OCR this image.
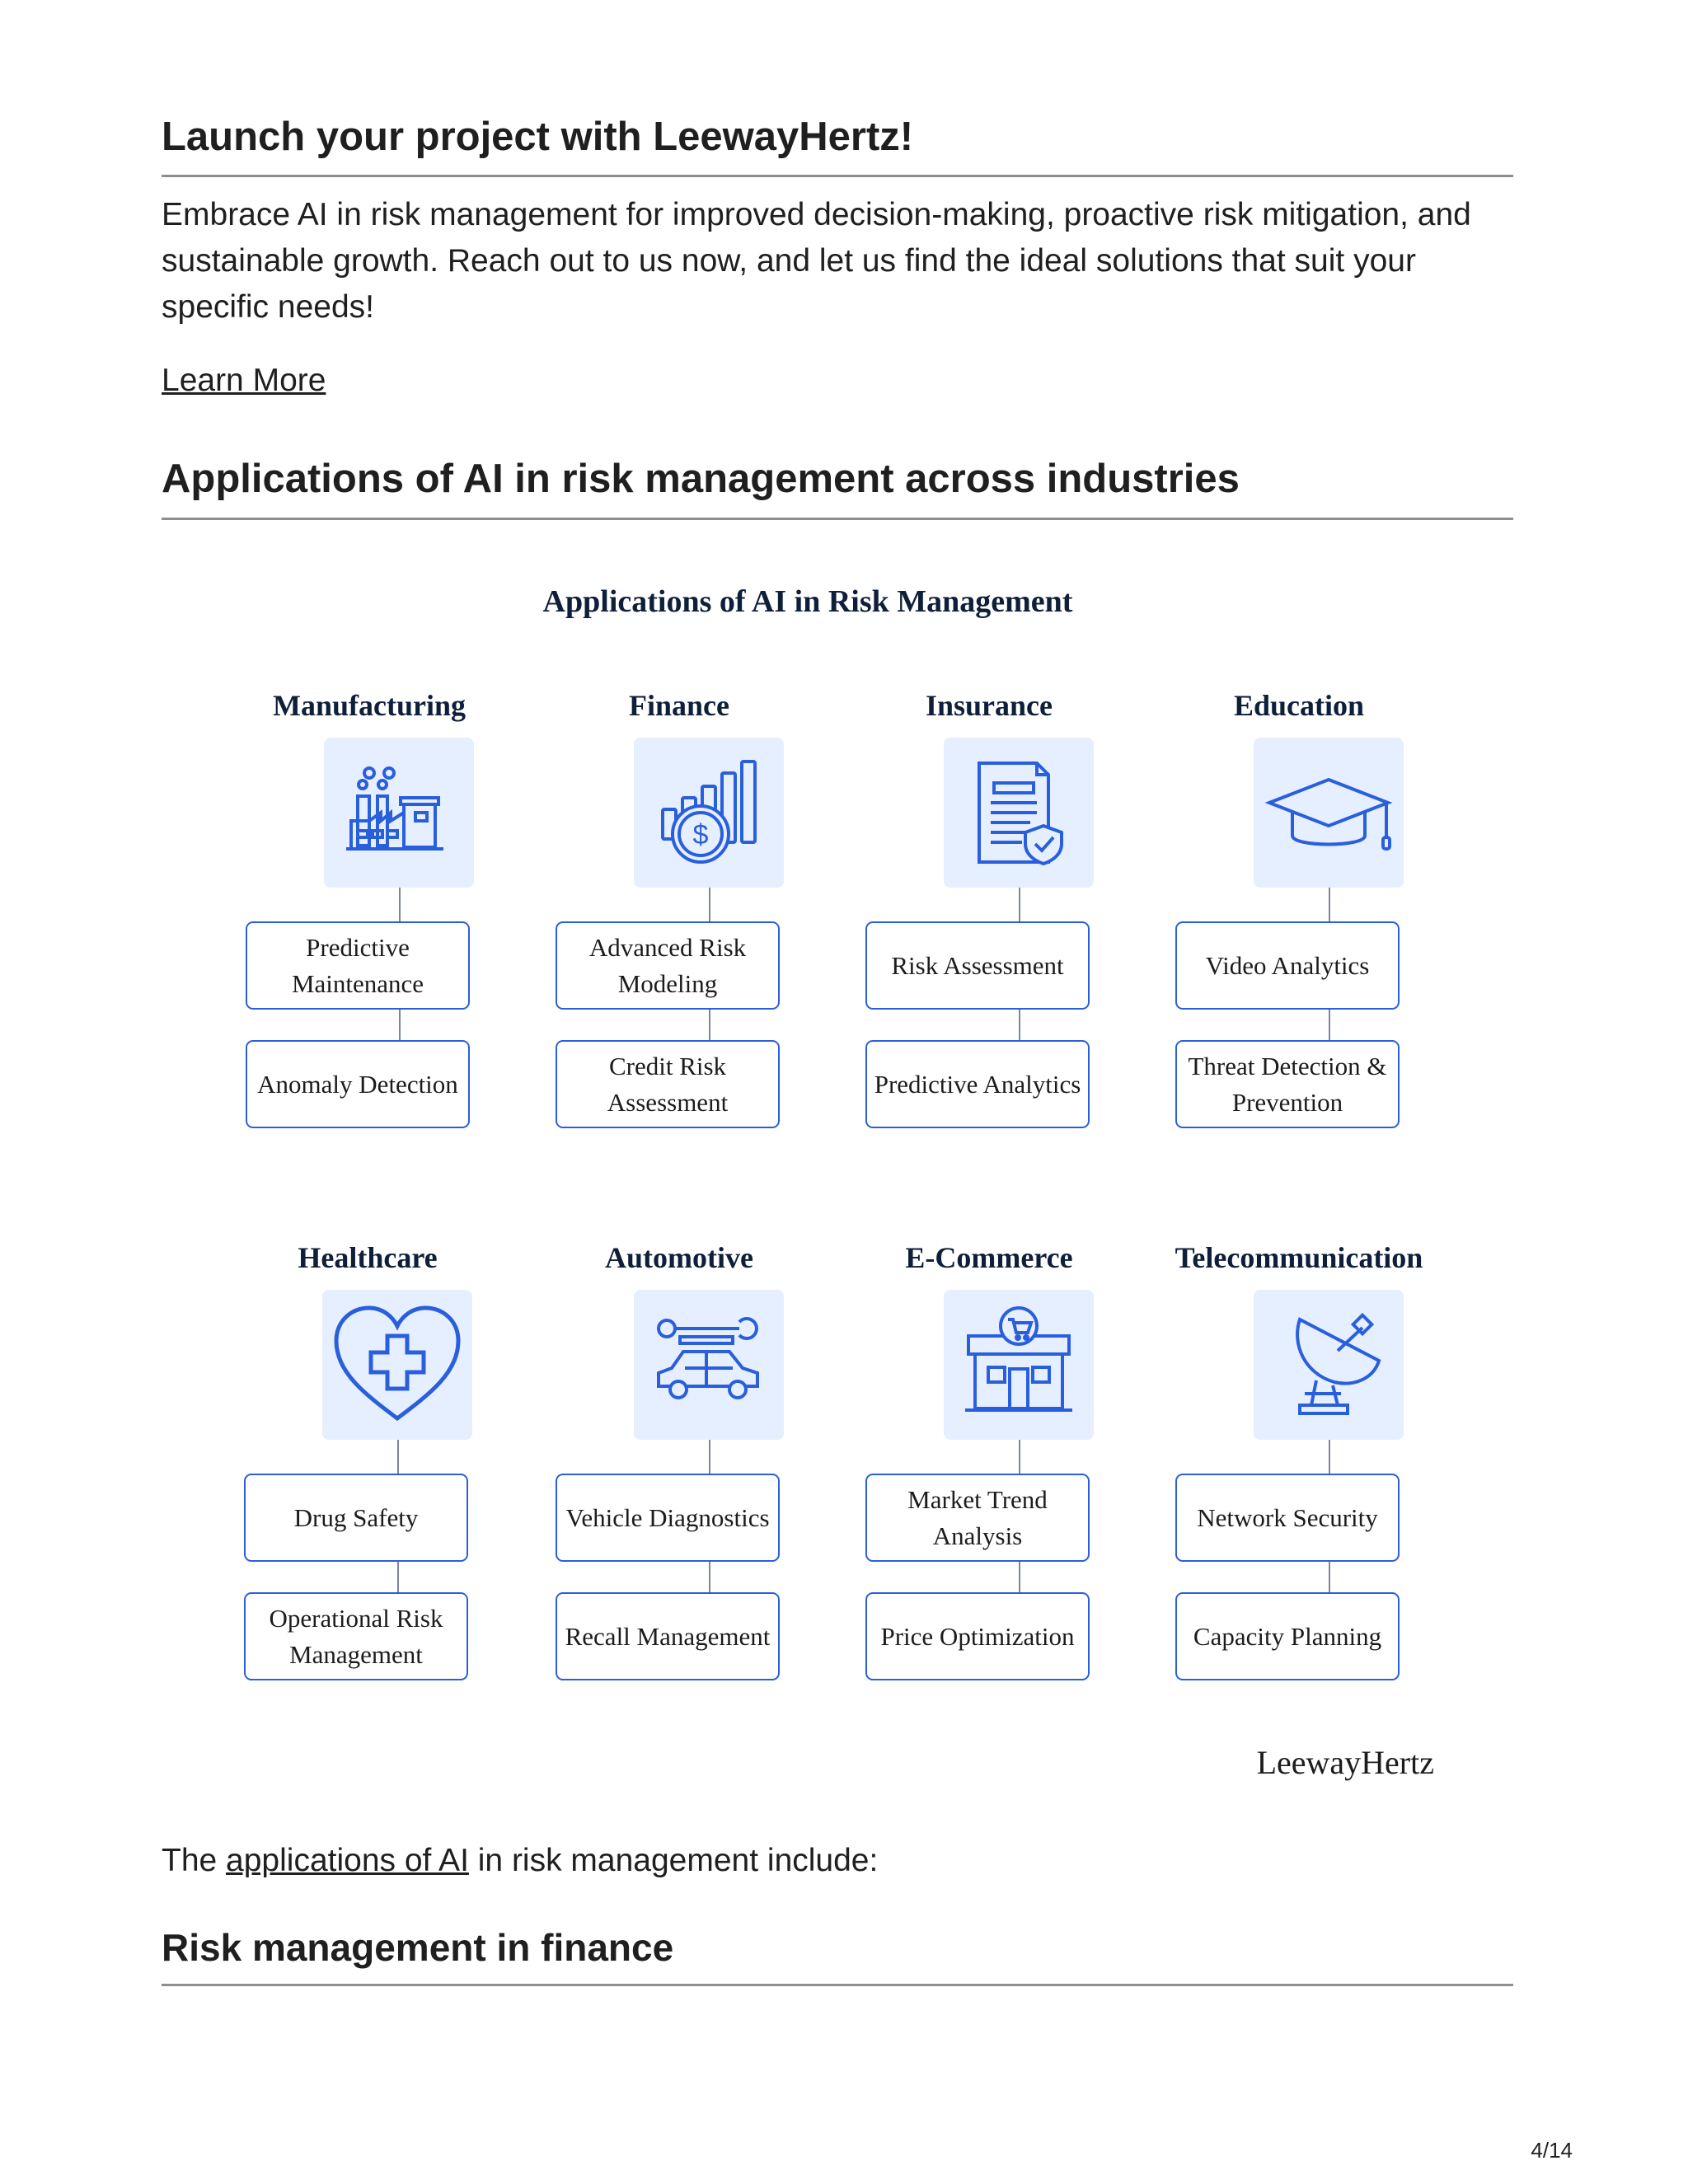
Launch your project with LeewayHertz!

Embrace AI in risk management for improved decision-making, proactive risk mitigation, and sustainable growth. Reach out to us now, and let us find the ideal solutions that suit your specific needs!

Learn More
Applications of AI in risk management across industries
Applications of AI in Risk Management
Manufacturing
Predictive Maintenance
Anomaly Detection
Finance
$
Advanced Risk Modeling
Credit Risk Assessment
Insurance
Risk Assessment
Predictive Analytics
Education
Video Analytics
Threat Detection & Prevention
Healthcare
Drug Safety
Operational Risk Management
Automotive
Vehicle Diagnostics
Recall Management
E-Commerce
Market Trend Analysis
Price Optimization
Telecommunication
Network Security
Capacity Planning
LeewayHertz

The applications of AI in risk management include:

Risk management in finance
4/14
